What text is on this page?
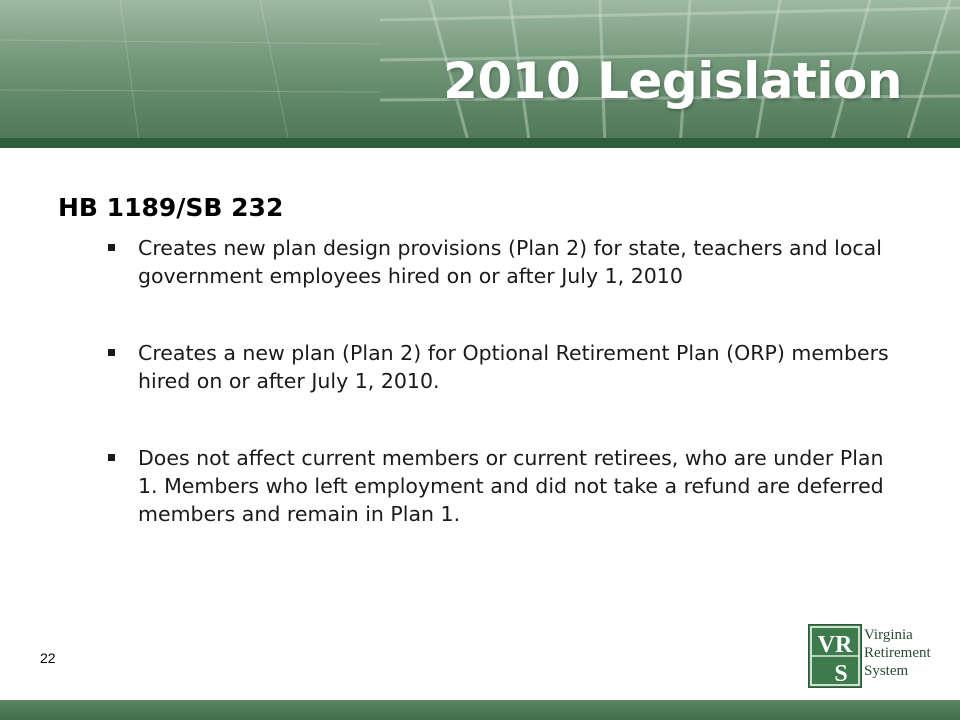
2010 Legislation
HB 1189/SB 232
Creates new plan design provisions (Plan 2) for state, teachers and local government employees hired on or after July 1, 2010
Creates a new plan (Plan 2) for Optional Retirement Plan (ORP) members hired on or after July 1, 2010.
Does not affect current members or current retirees, who are under Plan 1. Members who left employment and did not take a refund are deferred members and remain in Plan 1.
22	VR
S
Virginia
Retirement
System
